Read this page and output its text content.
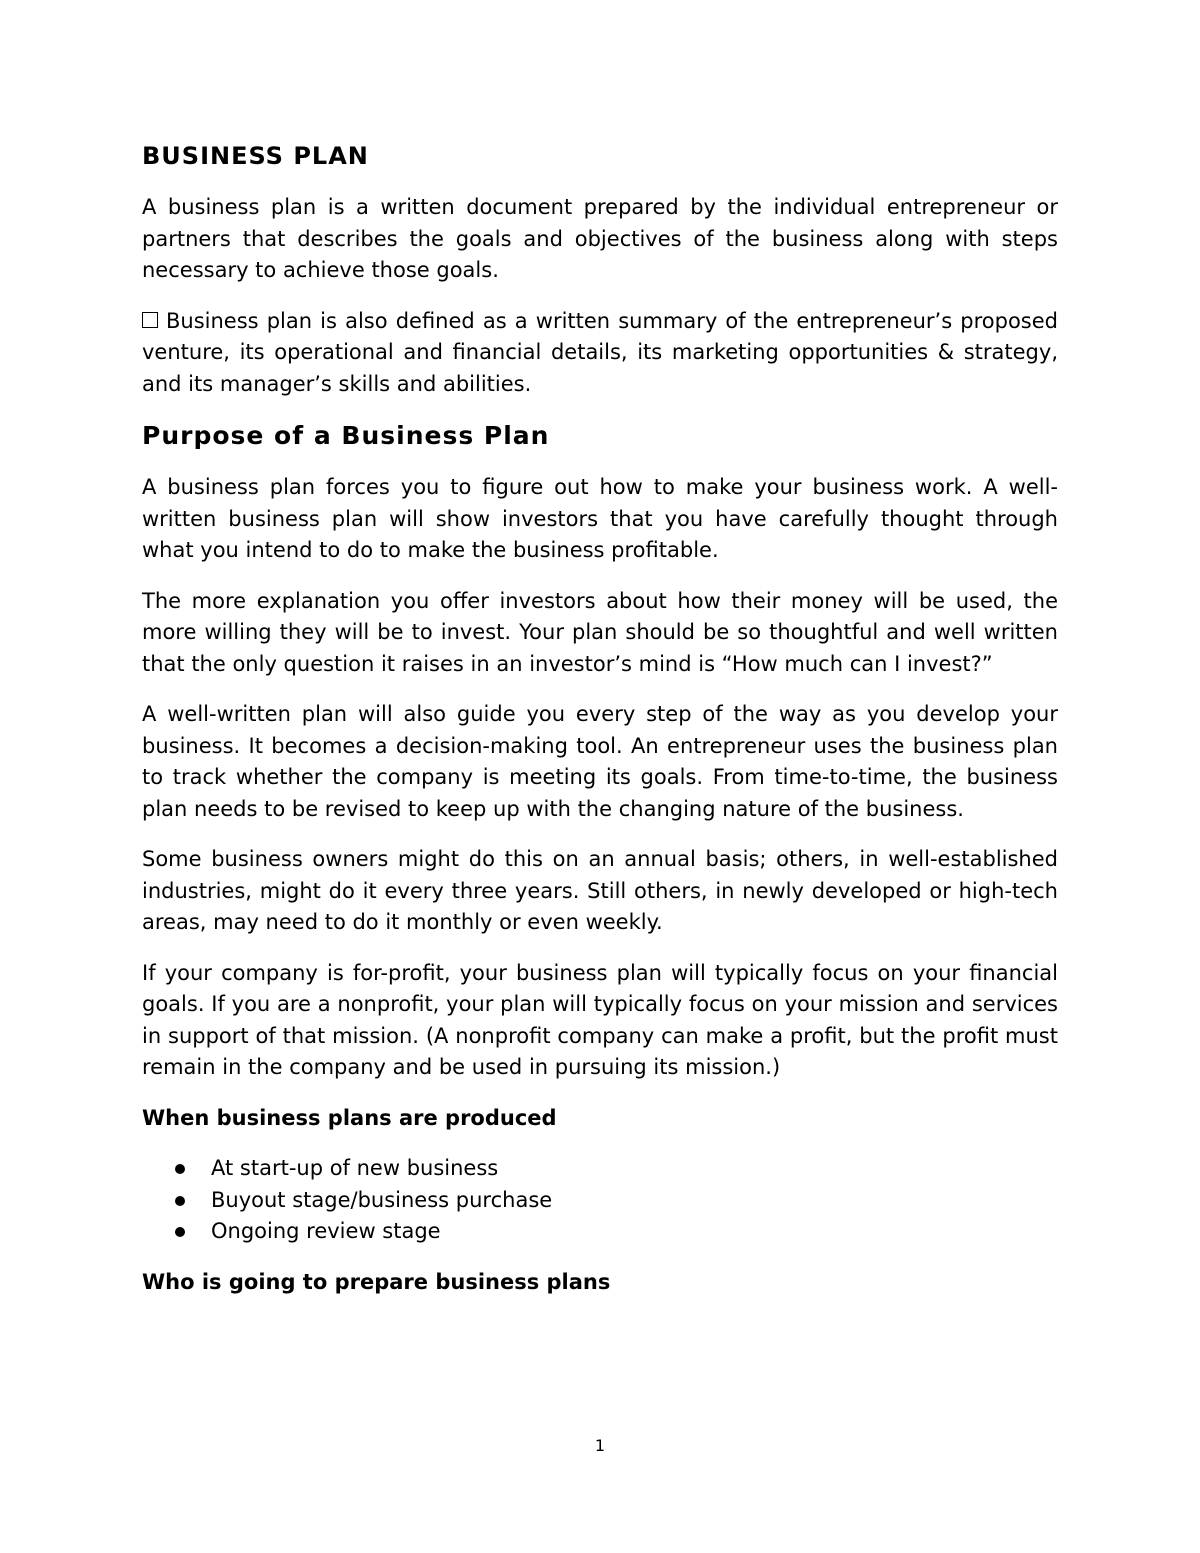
BUSINESS PLAN

A business plan is a written document prepared by the individual entrepreneur or partners that describes the goals and objectives of the business along with steps necessary to achieve those goals.

Business plan is also defined as a written summary of the entrepreneur’s proposed venture, its operational and financial details, its marketing opportunities & strategy, and its manager’s skills and abilities.

Purpose of a Business Plan

A business plan forces you to figure out how to make your business work. A well-written business plan will show investors that you have carefully thought through what you intend to do to make the business profitable.

The more explanation you offer investors about how their money will be used, the more willing they will be to invest. Your plan should be so thoughtful and well written that the only question it raises in an investor’s mind is “How much can I invest?”

A well-written plan will also guide you every step of the way as you develop your business. It becomes a decision-making tool. An entrepreneur uses the business plan to track whether the company is meeting its goals. From time-to-time, the business plan needs to be revised to keep up with the changing nature of the business.

Some business owners might do this on an annual basis; others, in well-established industries, might do it every three years. Still others, in newly developed or high-tech areas, may need to do it monthly or even weekly.

If your company is for-profit, your business plan will typically focus on your financial goals. If you are a nonprofit, your plan will typically focus on your mission and services in support of that mission. (A nonprofit company can make a profit, but the profit must remain in the company and be used in pursuing its mission.)

When business plans are produced
At start-up of new business
Buyout stage/business purchase
Ongoing review stage
Who is going to prepare business plans
1
